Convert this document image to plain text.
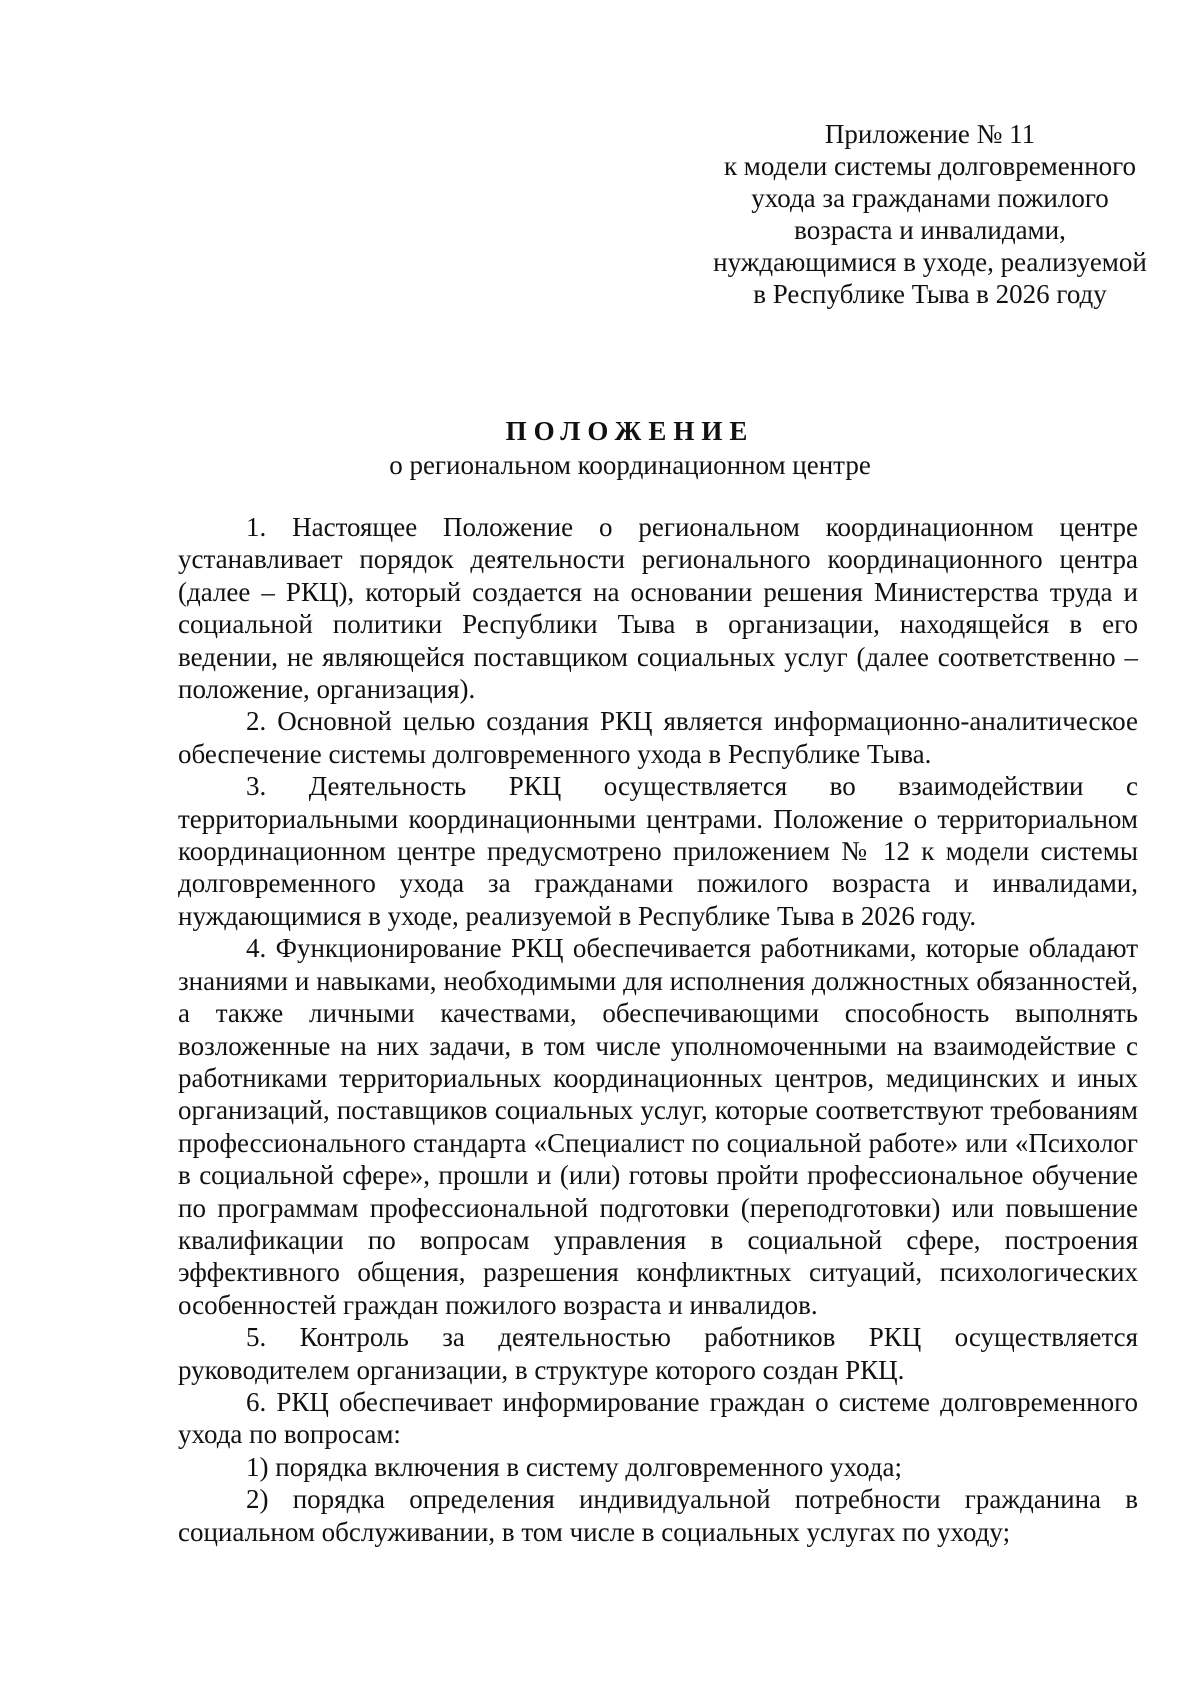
Приложение № 11
к модели системы долговременного
ухода за гражданами пожилого
возраста и инвалидами,
нуждающимися в уходе, реализуемой
в Республике Тыва в 2026 году
ПОЛОЖЕНИЕ
о региональном координационном центре

1. Настоящее Положение о региональном координационном центре устанавливает порядок деятельности регионального координационного центра (далее – РКЦ), который создается на основании решения Министерства труда и социальной политики Республики Тыва в организации, находящейся в его ведении, не являющейся поставщиком социальных услуг (далее соответственно – положение, организация).

2. Основной целью создания РКЦ является информационно-аналитическое обеспечение системы долговременного ухода в Республике Тыва.

3. Деятельность РКЦ осуществляется во взаимодействии с территориальными координационными центрами. Положение о территориальном координационном центре предусмотрено приложением № 12 к модели системы долговременного ухода за гражданами пожилого возраста и инвалидами, нуждающимися в уходе, реализуемой в Республике Тыва в 2026 году.

4. Функционирование РКЦ обеспечивается работниками, которые обладают знаниями и навыками, необходимыми для исполнения должностных обязанностей, а также личными качествами, обеспечивающими способность выполнять возложенные на них задачи, в том числе уполномоченными на взаимодействие с работниками территориальных координационных центров, медицинских и иных организаций, поставщиков социальных услуг, которые соответствуют требованиям профессионального стандарта «Специалист по социальной работе» или «Психолог в социальной сфере», прошли и (или) готовы пройти профессиональное обучение по программам профессиональной подготовки (переподготовки) или повышение квалификации по вопросам управления в социальной сфере, построения эффективного общения, разрешения конфликтных ситуаций, психологических особенностей граждан пожилого возраста и инвалидов.

5. Контроль за деятельностью работников РКЦ осуществляется руководителем организации, в структуре которого создан РКЦ.

6. РКЦ обеспечивает информирование граждан о системе долговременного ухода по вопросам:

1) порядка включения в систему долговременного ухода;

2) порядка определения индивидуальной потребности гражданина в социальном обслуживании, в том числе в социальных услугах по уходу;
